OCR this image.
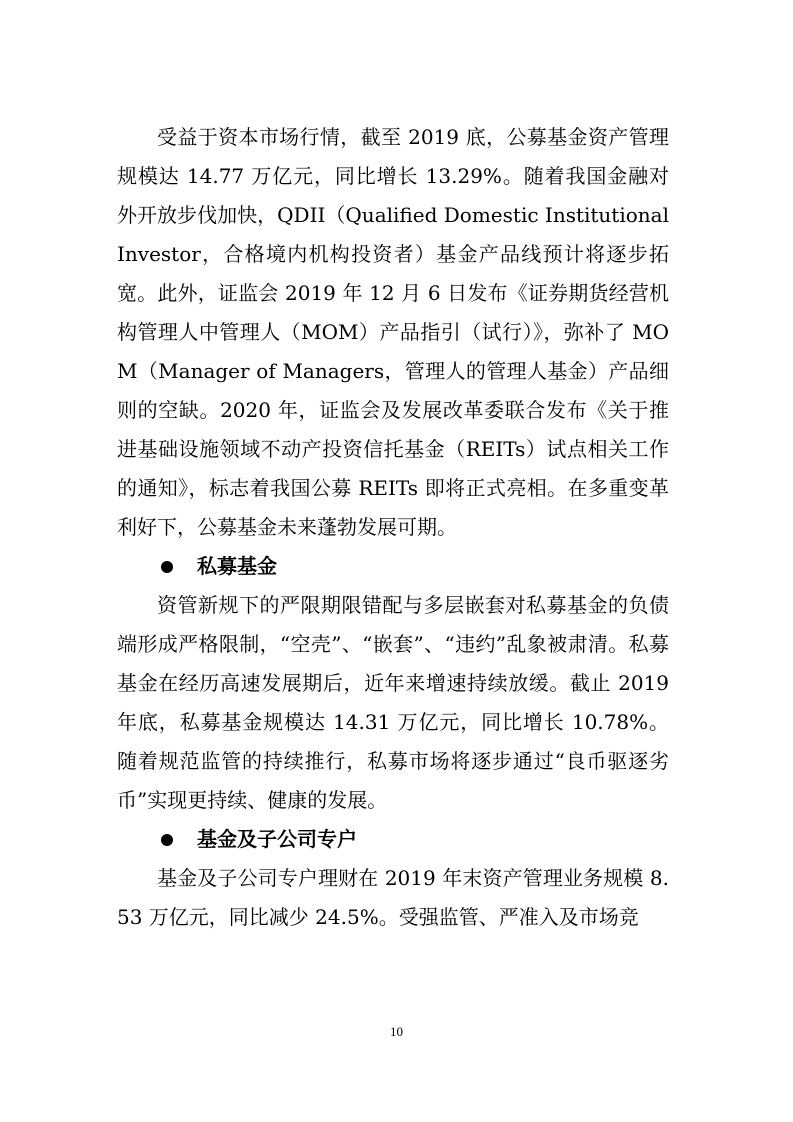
受益于资本市场行情，截至 2019 底，公募基金资产管理规模达 14.77 万亿元，同比增长 13.29%。随着我国金融对外开放步伐加快，QDII（Qualified Domestic Institutional Investor，合格境内机构投资者）基金产品线预计将逐步拓宽。此外，证监会 2019 年 12 月 6 日发布《证券期货经营机构管理人中管理人（MOM）产品指引（试行）》，弥补了 MOM（Manager of Managers，管理人的管理人基金）产品细则的空缺。2020 年，证监会及发展改革委联合发布《关于推进基础设施领域不动产投资信托基金（REITs）试点相关工作的通知》，标志着我国公募 REITs 即将正式亮相。在多重变革利好下，公募基金未来蓬勃发展可期。

私募基金

资管新规下的严限期限错配与多层嵌套对私募基金的负债端形成严格限制，“空壳”、“嵌套”、“违约”乱象被肃清。私募基金在经历高速发展期后，近年来增速持续放缓。截止 2019 年底，私募基金规模达 14.31 万亿元，同比增长 10.78%。随着规范监管的持续推行，私募市场将逐步通过“良币驱逐劣币”实现更持续、健康的发展。

基金及子公司专户

基金及子公司专户理财在 2019 年末资产管理业务规模 8.53 万亿元，同比减少 24.5%。受强监管、严准入及市场竞

10
